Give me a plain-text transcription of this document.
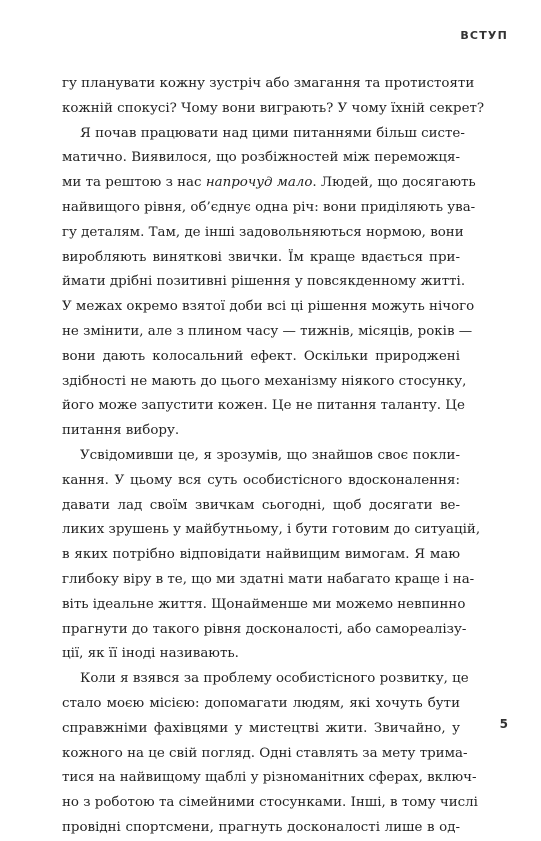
ВСТУП
гу планувати кожну зустріч або змагання та протистояти
кожній спокусі? Чому вони виграють? У чому їхній секрет?
Я почав працювати над цими питаннями більш систе-
матично. Виявилося, що розбіжностей між переможця-
ми та рештою з нас напрочуд мало. Людей, що досягають
найвищого рівня, об’єднує одна річ: вони приділяють ува-
гу деталям. Там, де інші задовольняються нормою, вони
виробляють виняткові звички. Їм краще вдається при-
ймати дрібні позитивні рішення у повсякденному житті.
У межах окремо взятої доби всі ці рішення можуть нічого
не змінити, але з плином часу — тижнів, місяців, років —
вони дають колосальний ефект. Оскільки природжені
здібності не мають до цього механізму ніякого стосунку,
його може запустити кожен. Це не питання таланту. Це
питання вибору.
Усвідомивши це, я зрозумів, що знайшов своє покли-
кання. У цьому вся суть особистісного вдосконалення:
давати лад своїм звичкам сьогодні, щоб досягати ве-
ликих зрушень у майбутньому, і бути готовим до ситуацій,
в яких потрібно відповідати найвищим вимогам. Я маю
глибоку віру в те, що ми здатні мати набагато краще і на-
віть ідеальне життя. Щонайменше ми можемо невпинно
прагнути до такого рівня досконалості, або самореалізу-
ції, як її іноді називають.
Коли я взявся за проблему особистісного розвитку, це
стало моєю місією: допомагати людям, які хочуть бути
справжніми фахівцями у мистецтві жити. Звичайно, у
кожного на це свій погляд. Одні ставлять за мету трима-
тися на найвищому щаблі у різноманітних сферах, включ-
но з роботою та сімейними стосунками. Інші, в тому числі
провідні спортсмени, прагнуть досконалості лише в од-
5
